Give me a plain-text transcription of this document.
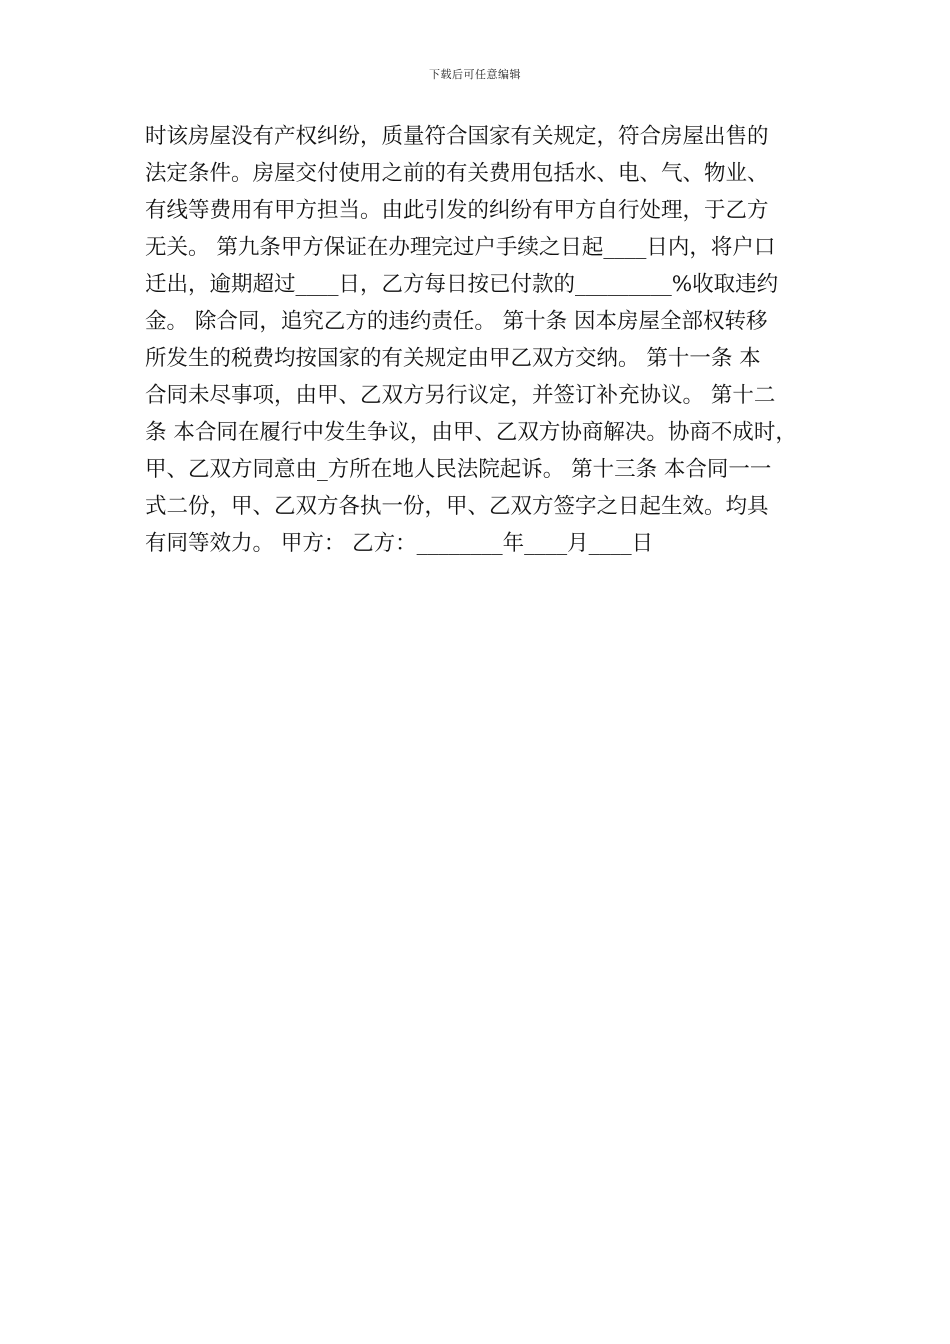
下载后可任意编辑
时该房屋没有产权纠纷，质量符合国家有关规定，符合房屋出售的
法定条件。房屋交付使用之前的有关费用包括水、电、气、物业、
有线等费用有甲方担当。由此引发的纠纷有甲方自行处理，于乙方
无关。 第九条甲方保证在办理完过户手续之日起____日内，将户口
迁出，逾期超过____日，乙方每日按已付款的_________%收取违约
金。 除合同，追究乙方的违约责任。 第十条 因本房屋全部权转移
所发生的税费均按国家的有关规定由甲乙双方交纳。 第十一条 本
合同未尽事项，由甲、乙双方另行议定，并签订补充协议。 第十二
条 本合同在履行中发生争议，由甲、乙双方协商解决。协商不成时，
甲、乙双方同意由_方所在地人民法院起诉。 第十三条 本合同一一
式二份，甲、乙双方各执一份，甲、乙双方签字之日起生效。均具
有同等效力。 甲方： 乙方：________年____月____日
